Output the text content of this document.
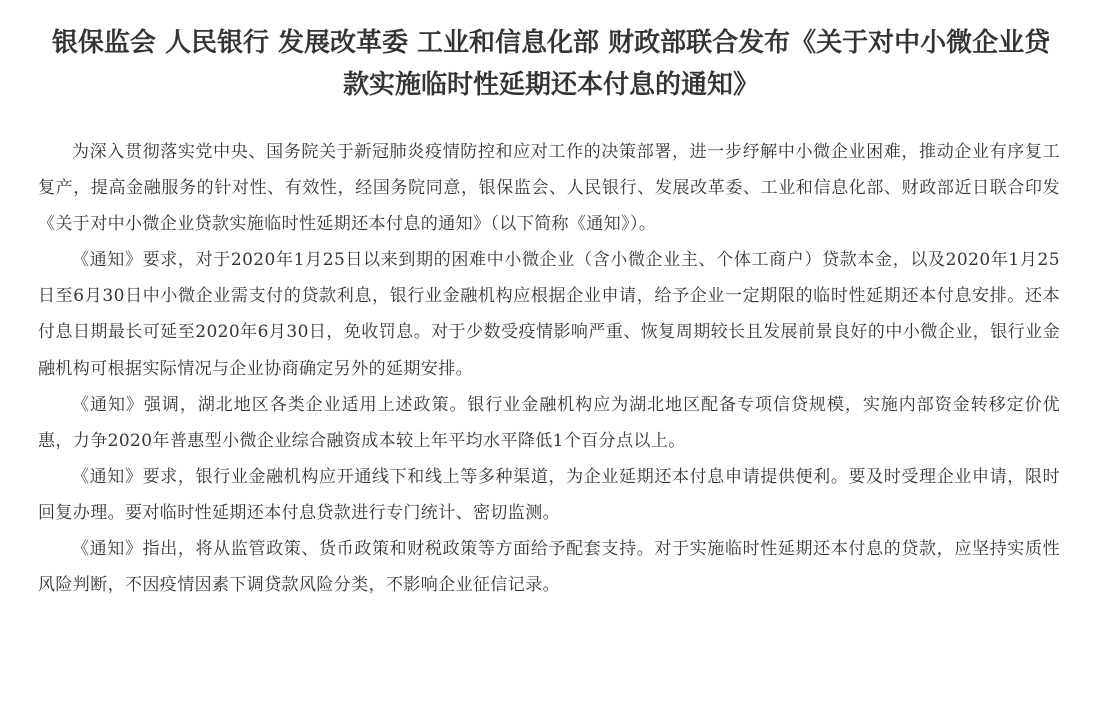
银保监会 人民银行 发展改革委 工业和信息化部 财政部联合发布《关于对中小微企业贷款实施临时性延期还本付息的通知》

为深入贯彻落实党中央、国务院关于新冠肺炎疫情防控和应对工作的决策部署，进一步纾解中小微企业困难，推动企业有序复工复产，提高金融服务的针对性、有效性，经国务院同意，银保监会、人民银行、发展改革委、工业和信息化部、财政部近日联合印发《关于对中小微企业贷款实施临时性延期还本付息的通知》（以下简称《通知》）。

《通知》要求，对于2020年1月25日以来到期的困难中小微企业（含小微企业主、个体工商户）贷款本金，以及2020年1月25日至6月30日中小微企业需支付的贷款利息，银行业金融机构应根据企业申请，给予企业一定期限的临时性延期还本付息安排。还本付息日期最长可延至2020年6月30日，免收罚息。对于少数受疫情影响严重、恢复周期较长且发展前景良好的中小微企业，银行业金融机构可根据实际情况与企业协商确定另外的延期安排。

《通知》强调，湖北地区各类企业适用上述政策。银行业金融机构应为湖北地区配备专项信贷规模，实施内部资金转移定价优惠，力争2020年普惠型小微企业综合融资成本较上年平均水平降低1个百分点以上。

《通知》要求，银行业金融机构应开通线下和线上等多种渠道，为企业延期还本付息申请提供便利。要及时受理企业申请，限时回复办理。要对临时性延期还本付息贷款进行专门统计、密切监测。

《通知》指出，将从监管政策、货币政策和财税政策等方面给予配套支持。对于实施临时性延期还本付息的贷款，应坚持实质性风险判断，不因疫情因素下调贷款风险分类，不影响企业征信记录。
